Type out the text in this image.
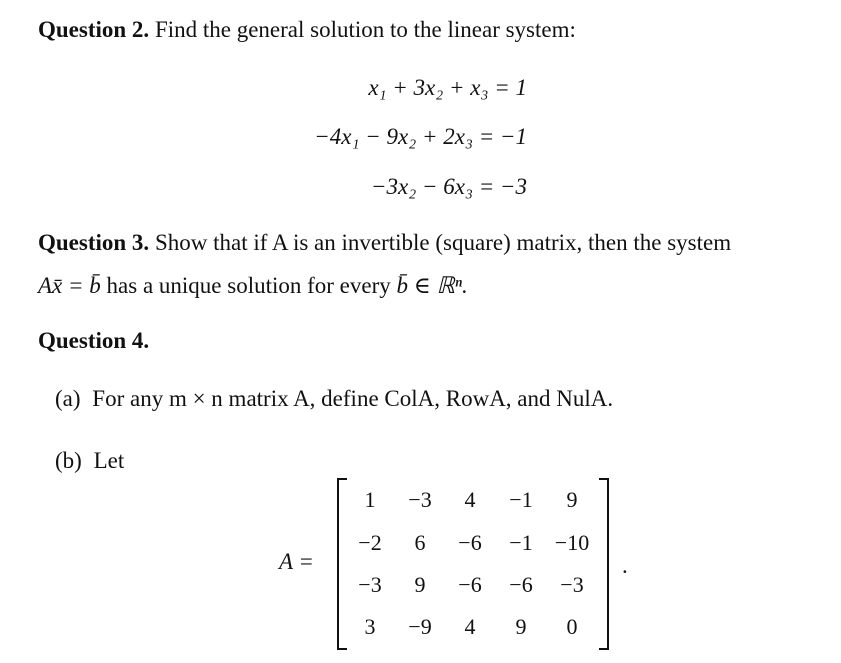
Question 2. Find the general solution to the linear system:
x₁ + 3x₂ + x₃ = 1
−4x₁ − 9x₂ + 2x₃ = −1
−3x₂ − 6x₃ = −3
Question 3. Show that if A is an invertible (square) matrix, then the system
Ax̄ = b̄ has a unique solution for every b̄ ∈ ℝⁿ.
Question 4.
(a) For any m × n matrix A, define ColA, RowA, and NulA.
(b) Let
A =
1	−3	4	−1	9
−2	6	−6	−1	−10
−3	9	−6	−6	−3
3	−9	4	9	0
.
